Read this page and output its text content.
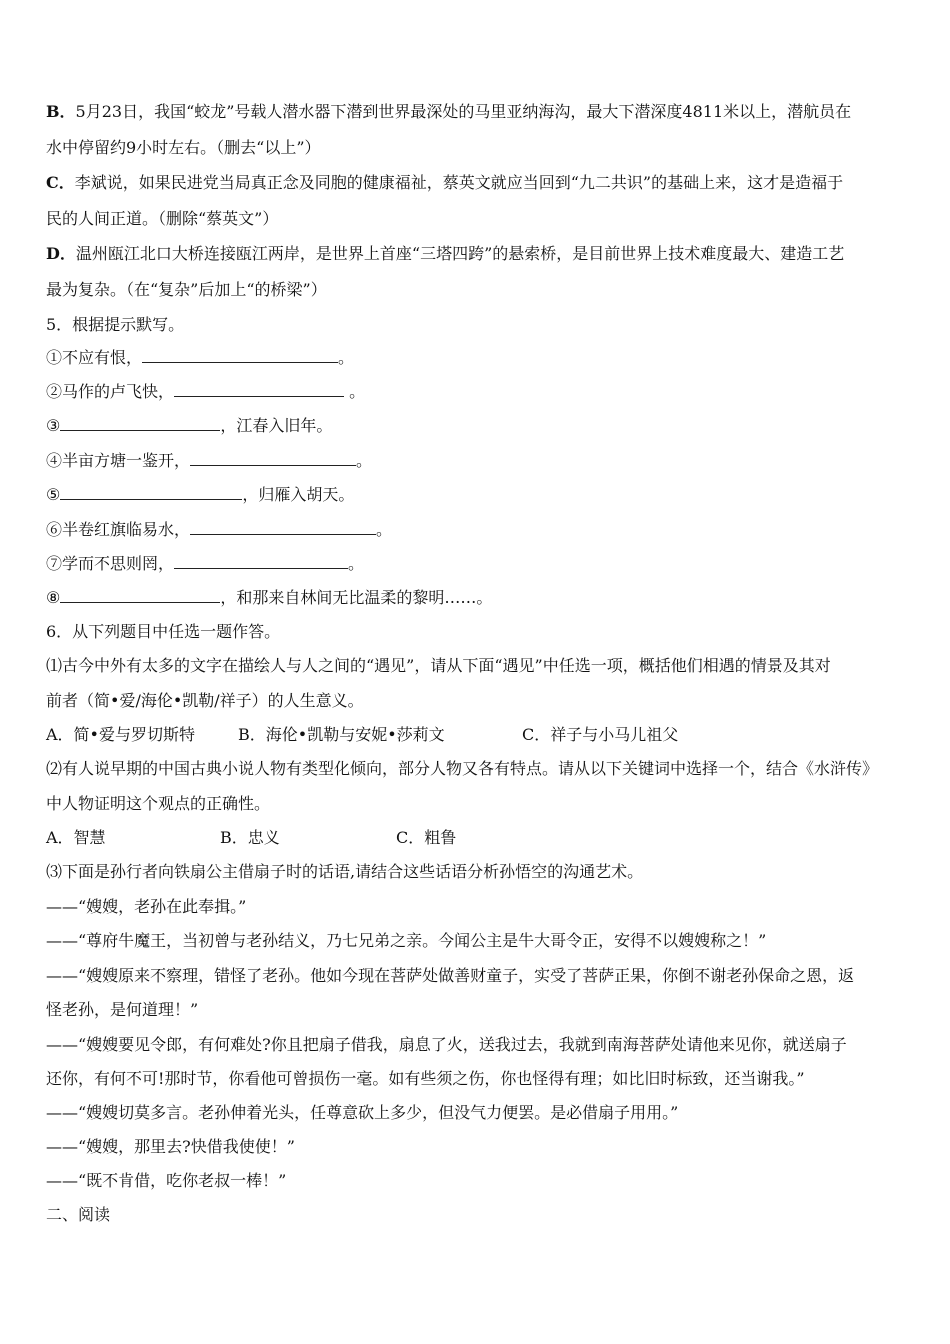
B．5月23日，我国“蛟龙”号载人潜水器下潜到世界最深处的马里亚纳海沟，最大下潜深度4811米以上，潜航员在
水中停留约9小时左右。（删去“以上”）
C．李斌说，如果民进党当局真正念及同胞的健康福祉，蔡英文就应当回到“九二共识”的基础上来，这才是造福于
民的人间正道。（删除“蔡英文”）
D．温州瓯江北口大桥连接瓯江两岸，是世界上首座“三塔四跨”的悬索桥，是目前世界上技术难度最大、建造工艺
最为复杂。（在“复杂”后加上“的桥梁”）
5．根据提示默写。
①不应有恨，	。
②马作的卢飞快，	。
③	，江春入旧年。
④半亩方塘一鉴开，	。
⑤	，归雁入胡天。
⑥半卷红旗临易水，	。
⑦学而不思则罔，	。
⑧	，和那来自林间无比温柔的黎明……。
6．从下列题目中任选一题作答。
⑴古今中外有太多的文字在描绘人与人之间的“遇见”，请从下面“遇见”中任选一项，概括他们相遇的情景及其对
前者（简•爱/海伦•凯勒/祥子）的人生意义。
A．简•爱与罗切斯特	B．海伦•凯勒与安妮•莎莉文	C．祥子与小马儿祖父
⑵有人说早期的中国古典小说人物有类型化倾向，部分人物又各有特点。请从以下关键词中选择一个，结合《水浒传》
中人物证明这个观点的正确性。
A．智慧	B．忠义	C．粗鲁
⑶下面是孙行者向铁扇公主借扇子时的话语,请结合这些话语分析孙悟空的沟通艺术。
——“嫂嫂，老孙在此奉揖。”
——“尊府牛魔王，当初曾与老孙结义，乃七兄弟之亲。今闻公主是牛大哥令正，安得不以嫂嫂称之！”
——“嫂嫂原来不察理，错怪了老孙。他如今现在菩萨处做善财童子，实受了菩萨正果，你倒不谢老孙保命之恩，返
怪老孙，是何道理！”
——“嫂嫂要见令郎，有何难处?你且把扇子借我，扇息了火，送我过去，我就到南海菩萨处请他来见你，就送扇子
还你，有何不可!那时节，你看他可曾损伤一毫。如有些须之伤，你也怪得有理；如比旧时标致，还当谢我。”
——“嫂嫂切莫多言。老孙伸着光头，任尊意砍上多少，但没气力便罢。是必借扇子用用。”
——“嫂嫂，那里去?快借我使使！”
——“既不肯借，吃你老叔一棒！”
二、阅读
